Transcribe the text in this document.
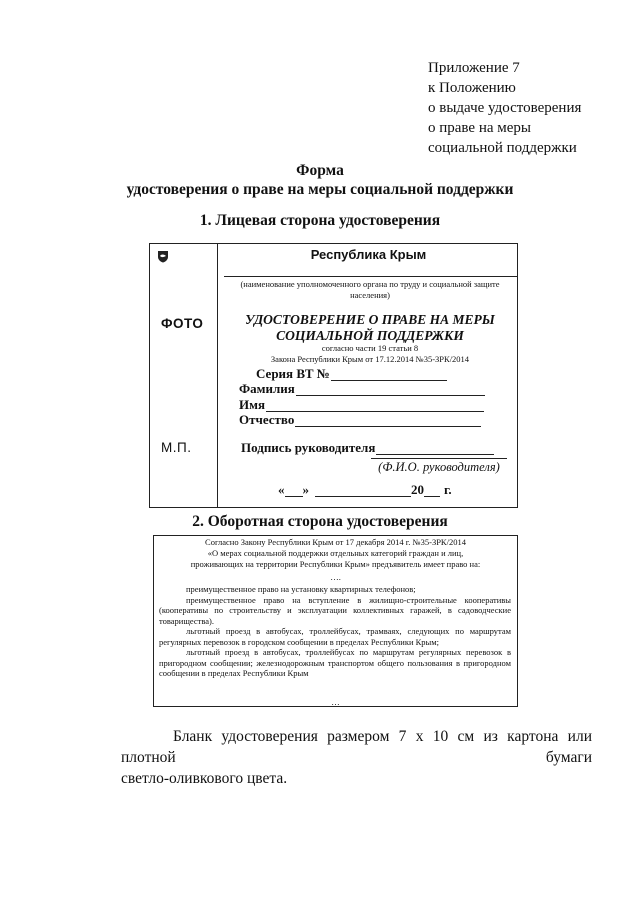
Приложение 7
к Положению
о выдаче удостоверения
о праве на меры
социальной поддержки
Форма
удостоверения о праве на меры социальной поддержки
1. Лицевая сторона удостоверения
ФОТО
М.П.
Республика Крым
(наименование уполномоченного органа по труду и социальной защите населения)
УДОСТОВЕРЕНИЕ О ПРАВЕ НА МЕРЫ
СОЦИАЛЬНОЙ ПОДДЕРЖКИ
согласно части 19 статьи 8
Закона Республики Крым от 17.12.2014 №35-ЗРК/2014
Серия ВТ №
Фамилия
Имя
Отчество
Подпись руководителя
(Ф.И.О. руководителя)
« »	20 г.
2. Оборотная сторона удостоверения
Согласно Закону Республики Крым от 17 декабря 2014 г. №35-ЗРК/2014
«О мерах социальной поддержки отдельных категорий граждан и лиц,
проживающих на территории Республики Крым» предъявитель имеет право на:
….

преимущественное право на установку квартирных телефонов;

преимущественное право на вступление в жилищно-строительные кооперативы (кооперативы по строительству и эксплуатации коллективных гаражей, в садоводческие товарищества).

льготный проезд в автобусах, троллейбусах, трамваях, следующих по маршрутам регулярных перевозок в городском сообщении в пределах Республики Крым;

льготный проезд в автобусах, троллейбусах по маршрутам регулярных перевозок в пригородном сообщении; железнодорожным транспортом общего пользования в пригородном сообщении в пределах Республики Крым

…
Бланк удостоверения размером 7 х 10 см из картона или плотной бумаги
светло-оливкового цвета.
